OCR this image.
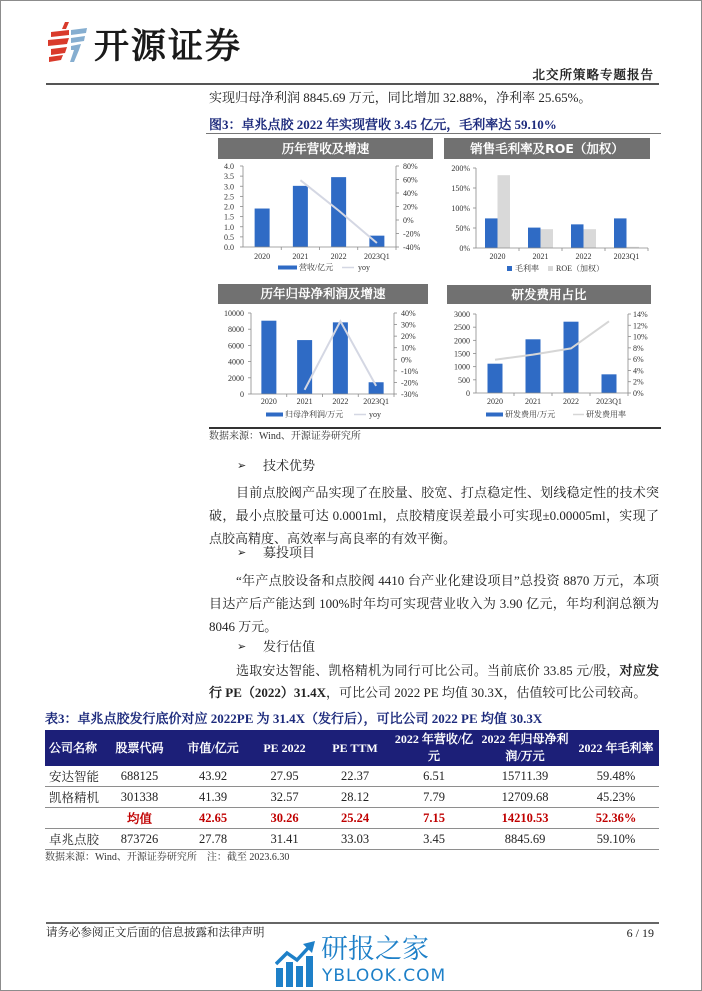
开源证券
北交所策略专题报告
实现归母净利润 8845.69 万元，同比增加 32.88%，净利率 25.65%。
图3：卓兆点胶 2022 年实现营收 3.45 亿元，毛利率达 59.10%
历年营收及增速
0.0
0.5
1.0
1.5
2.0
2.5
3.0
3.5
4.0
-40%
-20%
0%
20%
40%
60%
80%
2020	2021	2022 2023Q1
营收/亿元	yoy
销售毛利率及ROE（加权）
0%
50%
100%
150%
200%
2020	2021	2022	2023Q1
毛利率 ROE（加权）
历年归母净利润及增速
0
2000
4000
6000
8000
10000
-30%
-20%
-10%
0%
10%
20%
30%
40%
2020 2021 2022 2023Q1
归母净利润/万元	yoy
研发费用占比
0
500
1000
1500
2000
2500
3000
0%
2%
4%
6%
8%
10%
12%
14%
2020	2021	2022 2023Q1
研发费用/万元	研发费用率
数据来源：Wind、开源证券研究所
➢ 技术优势

目前点胶阀产品实现了在胶量、胶宽、打点稳定性、划线稳定性的技术突破，最小点胶量可达 0.0001ml，点胶精度误差最小可实现±0.00005ml，实现了点胶高精度、高效率与高良率的有效平衡。

➢ 募投项目

“年产点胶设备和点胶阀 4410 台产业化建设项目”总投资 8870 万元，本项目达产后产能达到 100%时年均可实现营业收入为 3.90 亿元，年均利润总额为 8046 万元。

➢ 发行估值

选取安达智能、凯格精机为同行可比公司。当前底价 33.85 元/股，对应发行 PE（2022）31.4X，可比公司 2022 PE 均值 30.3X，估值较可比公司较高。

表3：卓兆点胶发行底价对应 2022PE 为 31.4X（发行后），可比公司 2022 PE 均值 30.3X
公司名称	股票代码	市值/亿元	PE 2022	PE TTM	2022 年营收/亿元	2022 年归母净利润/万元	2022 年毛利率
安达智能	688125	43.92	27.95	22.37	6.51	15711.39	59.48%
凯格精机	301338	41.39	32.57	28.12	7.79	12709.68	45.23%
	均值	42.65	30.26	25.24	7.15	14210.53	52.36%
卓兆点胶	873726	27.78	31.41	33.03	3.45	8845.69	59.10%
数据来源：Wind、开源证券研究所　注：截至 2023.6.30
请务必参阅正文后面的信息披露和法律声明	6 / 19
研报之家
YBLOOK.COM
